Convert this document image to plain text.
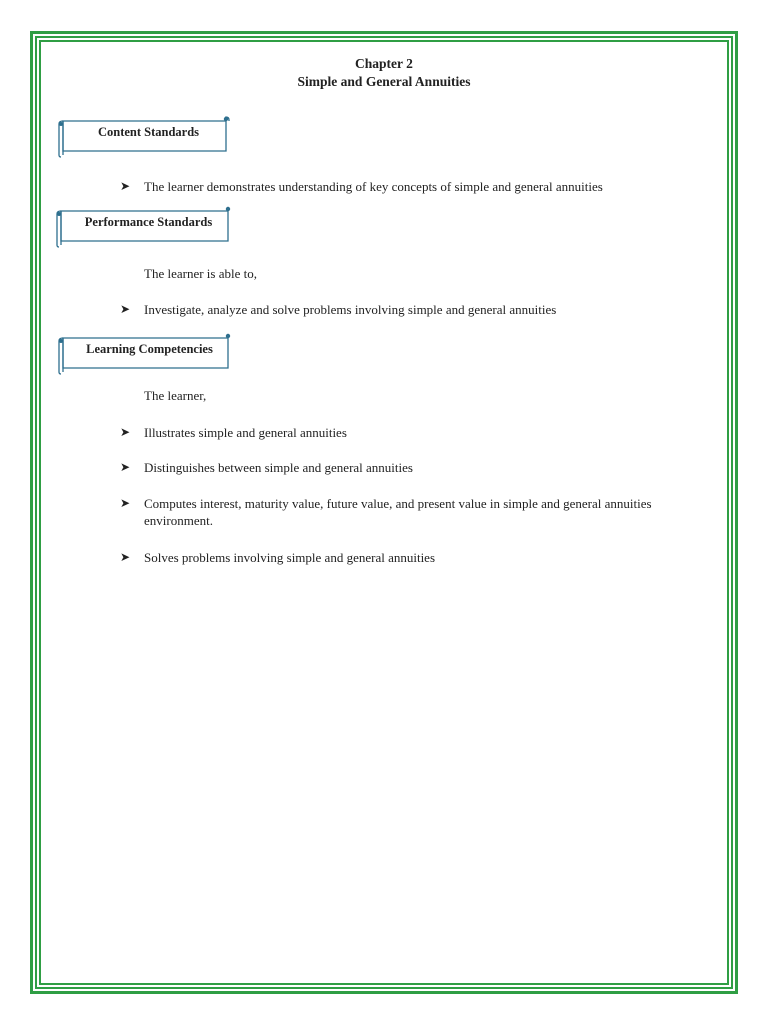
Chapter 2
Simple and General Annuities
Content Standards
➤ The learner demonstrates understanding of key concepts of simple and general annuities
Performance Standards
The learner is able to,
➤ Investigate, analyze and solve problems involving simple and general annuities
Learning Competencies
The learner,
➤ Illustrates simple and general annuities
➤ Distinguishes between simple and general annuities
➤ Computes interest, maturity value, future value, and present value in simple and general annuities environment.
➤ Solves problems involving simple and general annuities
